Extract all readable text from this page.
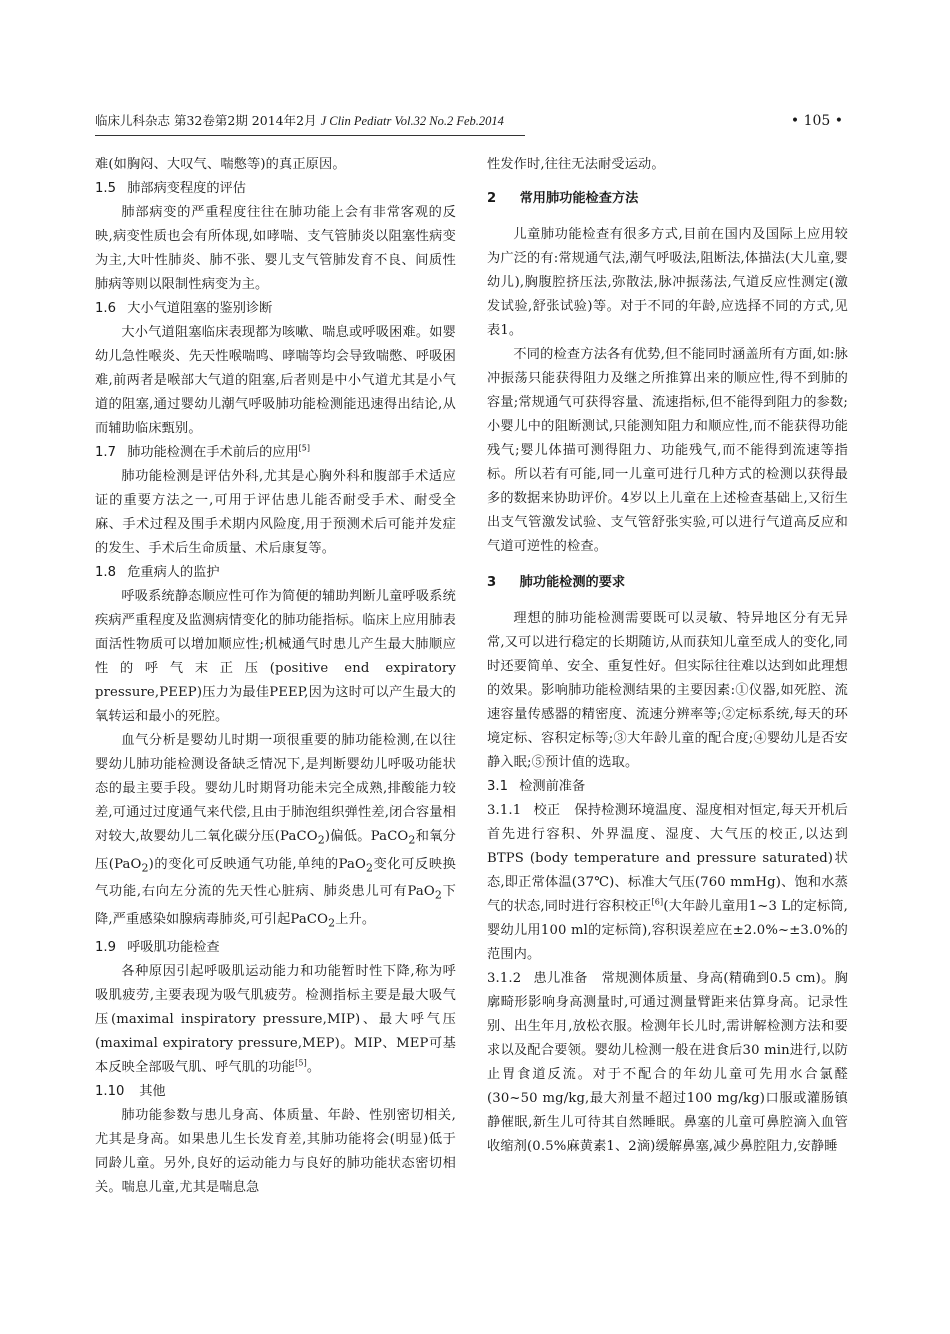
临床儿科杂志 第32卷第2期 2014年2月 J Clin Pediatr Vol.32 No.2 Feb.2014	• 105 •

难(如胸闷、大叹气、喘憋等)的真正原因。

1.5 肺部病变程度的评估

肺部病变的严重程度往往在肺功能上会有非常客观的反映,病变性质也会有所体现,如哮喘、支气管肺炎以阻塞性病变为主,大叶性肺炎、肺不张、婴儿支气管肺发育不良、间质性肺病等则以限制性病变为主。

1.6 大小气道阻塞的鉴别诊断

大小气道阻塞临床表现都为咳嗽、喘息或呼吸困难。如婴幼儿急性喉炎、先天性喉喘鸣、哮喘等均会导致喘憋、呼吸困难,前两者是喉部大气道的阻塞,后者则是中小气道尤其是小气道的阻塞,通过婴幼儿潮气呼吸肺功能检测能迅速得出结论,从而辅助临床甄别。

1.7 肺功能检测在手术前后的应用[5]

肺功能检测是评估外科,尤其是心胸外科和腹部手术适应证的重要方法之一,可用于评估患儿能否耐受手术、耐受全麻、手术过程及围手术期内风险度,用于预测术后可能并发症的发生、手术后生命质量、术后康复等。

1.8 危重病人的监护

呼吸系统静态顺应性可作为简便的辅助判断儿童呼吸系统疾病严重程度及监测病情变化的肺功能指标。临床上应用肺表面活性物质可以增加顺应性;机械通气时患儿产生最大肺顺应性的呼气末正压(positive end expiratory pressure,PEEP)压力为最佳PEEP,因为这时可以产生最大的氧转运和最小的死腔。

血气分析是婴幼儿时期一项很重要的肺功能检测,在以往婴幼儿肺功能检测设备缺乏情况下,是判断婴幼儿呼吸功能状态的最主要手段。婴幼儿时期肾功能未完全成熟,排酸能力较差,可通过过度通气来代偿,且由于肺泡组织弹性差,闭合容量相对较大,故婴幼儿二氧化碳分压(PaCO$_2$)偏低。PaCO$_2$和氧分压(PaO$_2$)的变化可反映通气功能,单纯的PaO$_2$变化可反映换气功能,右向左分流的先天性心脏病、肺炎患儿可有PaO$_2$下降,严重感染如腺病毒肺炎,可引起PaCO$_2$上升。

1.9 呼吸肌功能检查

各种原因引起呼吸肌运动能力和功能暂时性下降,称为呼吸肌疲劳,主要表现为吸气肌疲劳。检测指标主要是最大吸气压(maximal inspiratory pressure,MIP)、最大呼气压(maximal expiratory pressure,MEP)。MIP、MEP可基本反映全部吸气肌、呼气肌的功能[5]。

1.10 其他

肺功能参数与患儿身高、体质量、年龄、性别密切相关,尤其是身高。如果患儿生长发育差,其肺功能将会(明显)低于同龄儿童。另外,良好的运动能力与良好的肺功能状态密切相关。喘息儿童,尤其是喘息急

性发作时,往往无法耐受运动。

2 常用肺功能检查方法

儿童肺功能检查有很多方式,目前在国内及国际上应用较为广泛的有:常规通气法,潮气呼吸法,阻断法,体描法(大儿童,婴幼儿),胸腹腔挤压法,弥散法,脉冲振荡法,气道反应性测定(激发试验,舒张试验)等。对于不同的年龄,应选择不同的方式,见表1。

不同的检查方法各有优势,但不能同时涵盖所有方面,如:脉冲振荡只能获得阻力及继之所推算出来的顺应性,得不到肺的容量;常规通气可获得容量、流速指标,但不能得到阻力的参数;小婴儿中的阻断测试,只能测知阻力和顺应性,而不能获得功能残气;婴儿体描可测得阻力、功能残气,而不能得到流速等指标。所以若有可能,同一儿童可进行几种方式的检测以获得最多的数据来协助评价。4岁以上儿童在上述检查基础上,又衍生出支气管激发试验、支气管舒张实验,可以进行气道高反应和气道可逆性的检查。

3 肺功能检测的要求

理想的肺功能检测需要既可以灵敏、特异地区分有无异常,又可以进行稳定的长期随访,从而获知儿童至成人的变化,同时还要简单、安全、重复性好。但实际往往难以达到如此理想的效果。影响肺功能检测结果的主要因素:①仪器,如死腔、流速容量传感器的精密度、流速分辨率等;②定标系统,每天的环境定标、容积定标等;③大年龄儿童的配合度;④婴幼儿是否安静入眠;⑤预计值的选取。

3.1 检测前准备

3.1.1 校正 保持检测环境温度、湿度相对恒定,每天开机后首先进行容积、外界温度、湿度、大气压的校正,以达到BTPS (body temperature and pressure saturated)状态,即正常体温(37℃)、标准大气压(760 mmHg)、饱和水蒸气的状态,同时进行容积校正[6](大年龄儿童用1~3 L的定标筒,婴幼儿用100 ml的定标筒),容积误差应在±2.0%~±3.0%的范围内。

3.1.2 患儿准备 常规测体质量、身高(精确到0.5 cm)。胸廓畸形影响身高测量时,可通过测量臂距来估算身高。记录性别、出生年月,放松衣服。检测年长儿时,需讲解检测方法和要求以及配合要领。婴幼儿检测一般在进食后30 min进行,以防止胃食道反流。对于不配合的年幼儿童可先用水合氯醛(30~50 mg/kg,最大剂量不超过100 mg/kg)口服或灌肠镇静催眠,新生儿可待其自然睡眠。鼻塞的儿童可鼻腔滴入血管收缩剂(0.5%麻黄素1、2滴)缓解鼻塞,减少鼻腔阻力,安静睡
